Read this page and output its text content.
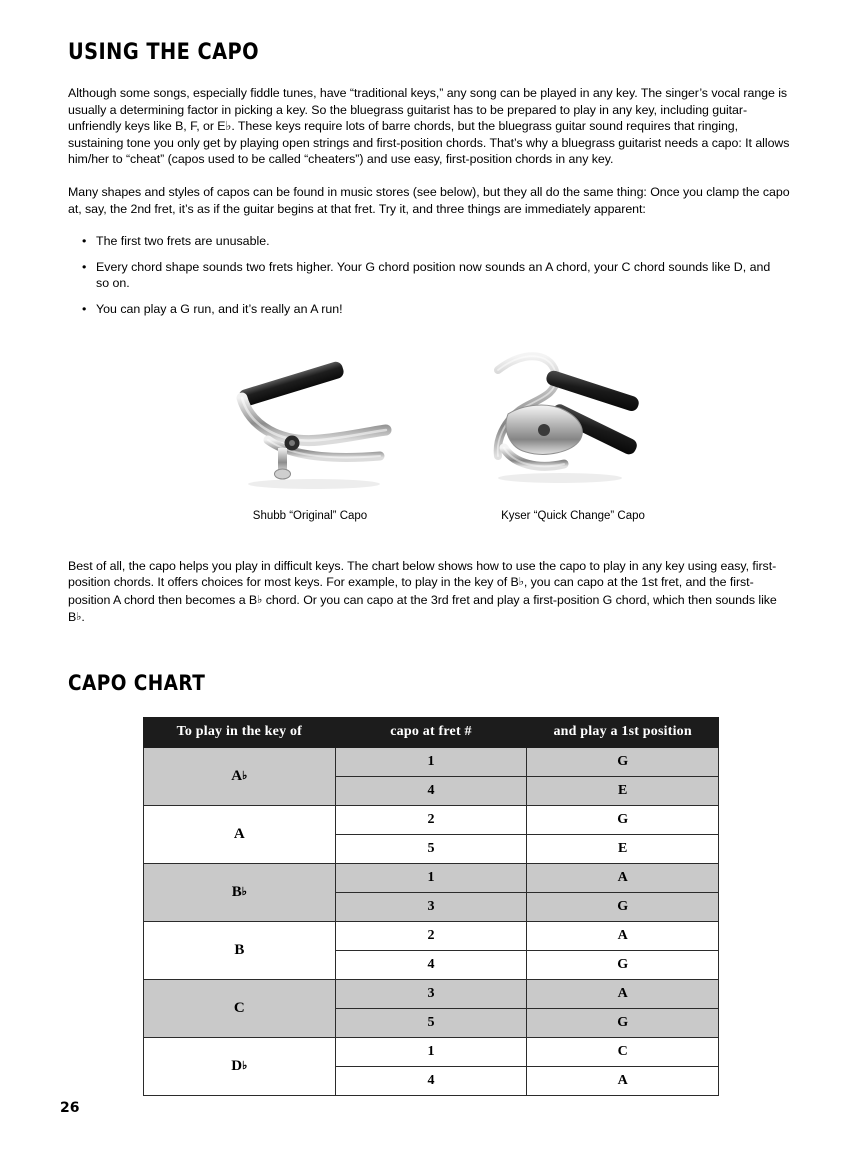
USING THE CAPO

Although some songs, especially fiddle tunes, have “traditional keys,” any song can be played in any key. The singer’s vocal range is usually a determining factor in picking a key. So the bluegrass guitarist has to be prepared to play in any key, including guitar-unfriendly keys like B, F, or E♭. These keys require lots of barre chords, but the bluegrass guitar sound requires that ringing, sustaining tone you only get by playing open strings and first-position chords. That’s why a bluegrass guitarist needs a capo: It allows him/her to “cheat” (capos used to be called “cheaters”) and use easy, first-position chords in any key.

Many shapes and styles of capos can be found in music stores (see below), but they all do the same thing: Once you clamp the capo at, say, the 2nd fret, it’s as if the guitar begins at that fret. Try it, and three things are immediately apparent:

• The first two frets are unusable.
• Every chord shape sounds two frets higher. Your G chord position now sounds an A chord, your C chord sounds like D, and so on.
• You can play a G run, and it’s really an A run!
Shubb “Original” Capo	Kyser “Quick Change” Capo

Best of all, the capo helps you play in difficult keys. The chart below shows how to use the capo to play in any key using easy, first-position chords. It offers choices for most keys. For example, to play in the key of B♭, you can capo at the 1st fret, and the first-position A chord then becomes a B♭ chord. Or you can capo at the 3rd fret and play a first-position G chord, which then sounds like B♭.

CAPO CHART
To play in the key of	capo at fret #	and play a 1st position
A♭	1	G
	4	E
A	2	G
	5	E
B♭	1	A
	3	G
B	2	A
	4	G
C	3	A
	5	G
D♭	1	C
	4	A
26
